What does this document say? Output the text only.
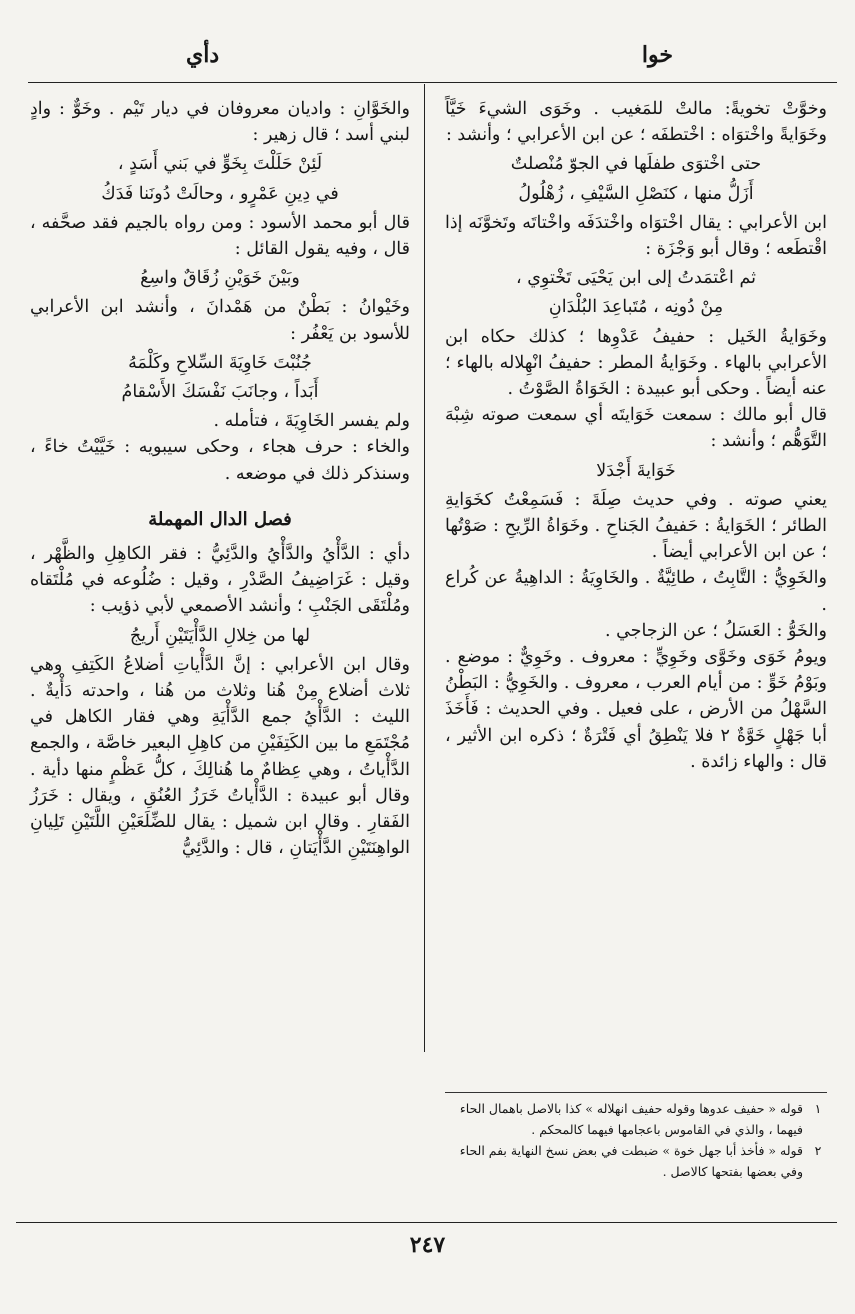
خوا
دأي
وخوَّتْ تخويةً: مالتْ للمَغيب . وخَوَى الشيءَ خَيَّاً وخَوَايةً واخْتوَاه : اخْتطفَه ؛ عن ابن الأعرابي ؛ وأنشد :
حتى اخْتوَى طفلَها في الجوّ مُنْصلتٌ
أَزَلُّ منها ، كنَصْلِ السَّيْفِ ، زُهْلُولُ
ابن الأعرابي : يقال اخْتوَاه واخْتدَفَه واخْتاتَه وتَخوَّنَه إذا اقْتطَعه ؛ وقال أبو وَجْزَة :
ثم اعْتمَدتُ إلى ابن يَحْيَى تَخْتوِي ،
مِنْ دُونِه ، مُتَباعِدَ البُلْدَانِ
وخَوَايةُ الخَيل : حفيفُ عَدْوِها ؛ كذلك حكاه ابن الأعرابي بالهاء . وخَوَايةُ المطر : حفيفُ انْهِلاله بالهاء ؛ عنه أيضاً . وحكى أبو عبيدة : الخَوَاةُ الصَّوْتُ .
قال أبو مالك : سمعت خَوَايتَه أي سمعت صوته شِبْهَ التَّوَهُّم ؛ وأنشد :
خَوَايةَ أَجْدَلا
يعني صوته . وفي حديث صِلَةَ : فَسَمِعْتُ كخَوَايةِ الطائر ؛ الخَوَايةُ : حَفيفُ الجَناحِ . وخَوَاةُ الرِّيحِ : صَوْتُها ؛ عن ابن الأعرابي أيضاً .
والخَوِيُّ : التَّابِتُ ، طائِيَّةٌ . والخَاوِيَةُ : الداهِيةُ عن كُراع .
والخَوُّ : العَسَلُ ؛ عن الزجاجي .
ويومُ خَوَى وخَوَّى وخَوِيٍّ : معروف . وخَوِيٌّ : موضع . وبَوْمُ خَوٍّ : من أيام العرب ، معروف . والخَوِيُّ : البَطْنُ السَّهْلُ من الأرض ، على فعيل . وفي الحديث : فَأَخَذَ أبا جَهْلٍ خَوَّةٌ ٢ فلا يَنْطِقُ أي فَتْرَةٌ ؛ ذكره ابن الأثير ، قال : والهاء زائدة .
والخَوَّانِ : واديان معروفان في ديار تَيْم . وخَوٌّ : وادٍ لبني أسد ؛ قال زهير :
لَئِنْ حَلَلْتَ بِخَوٍّ في بَني أَسَدٍ ،
في دِينِ عَمْرٍو ، وحالَتْ دُونَنا فَدَكُ
قال أبو محمد الأسود : ومن رواه بالجيم فقد صحَّفه ، قال ، وفيه يقول القائل :
وبَيْنَ خَوَيْنِ زُقَاقٌ واسِعُ
وخَيْوانُ : بَطْنٌ من هَمْدانَ ، وأنشد ابن الأعرابي للأسود بن يَعْفُر :
جُنُبْتَ خَاوِيَةَ السِّلاحِ وكَلْمَهُ
أَبَداً ، وجانَبَ نَفْسَكَ الأَسْقامُ
ولم يفسر الخَاوِيَةَ ، فتأمله .
والخاء : حرف هجاء ، وحكى سيبويه : خَيَّيْتُ خاءً ، وسنذكر ذلك في موضعه .
فصل الدال المهملة
دأي : الدَّأْيُ والدَّأْيُ والدَّئِيُّ : فقر الكاهِلِ والظَّهْر ، وقيل : غَرَاضِيفُ الصَّدْرِ ، وقيل : ضُلُوعه في مُلْتَقاه ومُلْتَقَى الجَنْبِ ؛ وأنشد الأصمعي لأبي ذؤيب :
لها من خِلالِ الدَّأْيَتَيْنِ أَريجُ
وقال ابن الأعرابي : إنَّ الدَّأْياتِ أضلاعُ الكَتِفِ وهي ثلاث أضلاع مِنْ هُنا وثلاث من هُنا ، واحدته دَأْيةٌ . الليث : الدَّأْيُ جمع الدَّأْيَةِ وهي فقار الكاهل في مُجْتَمَعِ ما بين الكَتِفَيْنِ من كاهِلِ البعير خاصَّة ، والجمع الدَّأْياتُ ، وهي عِظامٌ ما هُنالِكَ ، كلُّ عَظْمٍ منها دأية . وقال أبو عبيدة : الدَّأْياتُ خَرَزُ العُنُقِ ، ويقال : خَرَزُ الفَقارِ . وقال ابن شميل : يقال للضِّلَعَيْنِ اللَّتَيْنِ تَلِيانِ الواهِنَتَيْنِ الدَّأْيَتانِ ، قال : والدَّئِيُّ
١
قوله « حفيف عدوها وقوله حفيف انهلاله » كذا بالاصل باهمال الحاء فيهما ، والذي في القاموس باعجامها فيهما كالمحكم .
٢
قوله « فأخذ أبا جهل خوة » ضبطت في بعض نسخ النهاية بفم الحاء وفي بعضها بفتحها كالاصل .
٢٤٧
